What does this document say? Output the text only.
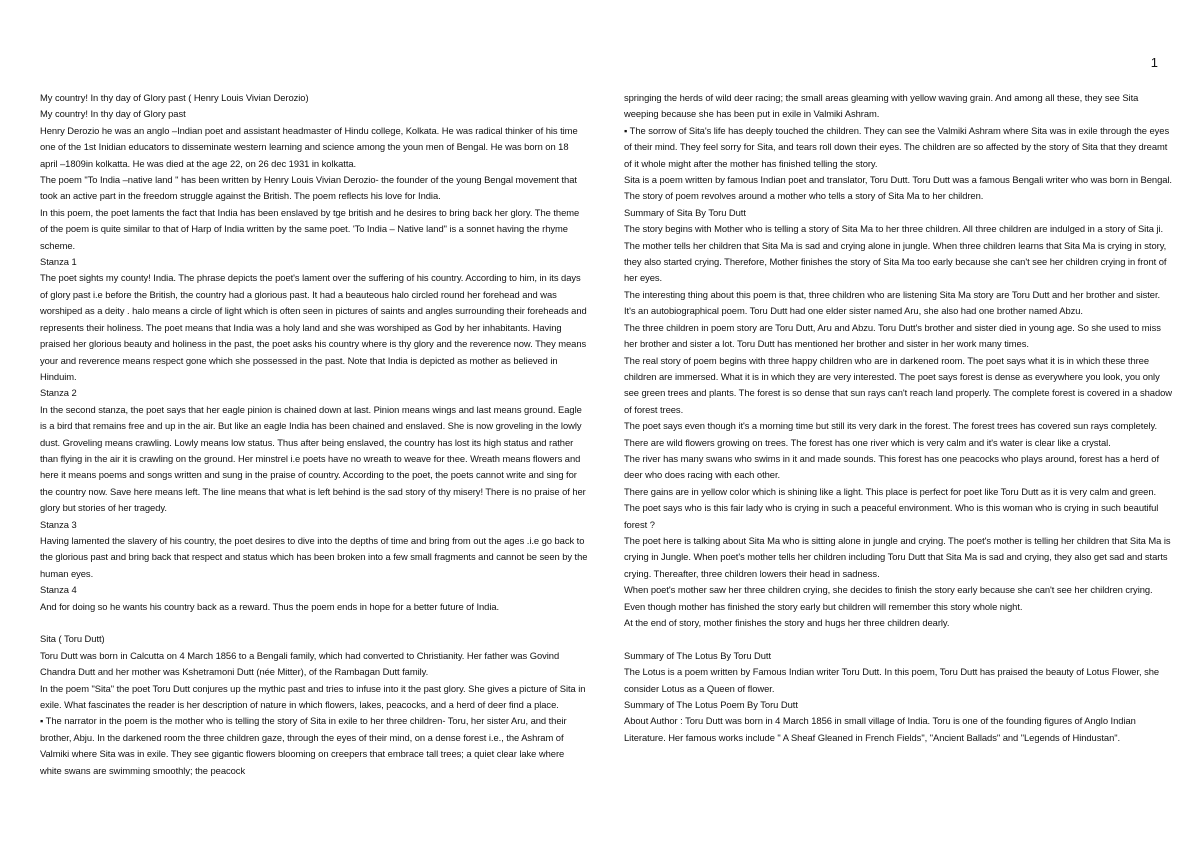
1

My country! In thy day of Glory past ( Henry Louis Vivian Derozio)

My country! In thy day of Glory past

Henry Derozio he was an anglo –Indian poet and assistant headmaster of Hindu college, Kolkata. He was radical thinker of his time one of the 1st Inidian educators to disseminate western learning and science among the youn men of Bengal. He was born on 18 april –1809in kolkatta. He was died at the age 22, on 26 dec 1931 in kolkatta.

The poem "To India –native land " has been written by Henry Louis Vivian Derozio- the founder of the young Bengal movement that took an active part in the freedom struggle against the British. The poem reflects his love for India.

In this poem, the poet laments the fact that India has been enslaved by tge british and he desires to bring back her glory. The theme of the poem is quite similar to that of Harp of India written by the same poet. 'To India – Native land" is a sonnet having the rhyme scheme.

Stanza 1

The poet sights my county! India. The phrase depicts the poet's lament over the suffering of his country. According to him, in its days of glory past i.e before the British, the country had a glorious past. It had a beauteous halo circled round her forehead and was worshiped as a deity . halo means a circle of light which is often seen in pictures of saints and angles surrounding their foreheads and represents their holiness. The poet means that India was a holy land and she was worshiped as God by her inhabitants. Having praised her glorious beauty and holiness in the past, the poet asks his country where is thy glory and the reverence now. They means your and reverence means respect gone which she possessed in the past. Note that India is depicted as mother as believed in Hinduim.

Stanza 2

In the second stanza, the poet says that her eagle pinion is chained down at last. Pinion means wings and last means ground. Eagle is a bird that remains free and up in the air. But like an eagle India has been chained and enslaved. She is now groveling in the lowly dust. Groveling means crawling. Lowly means low status. Thus after being enslaved, the country has lost its high status and rather than flying in the air it is crawling on the ground. Her minstrel i.e poets have no wreath to weave for thee. Wreath means flowers and here it means poems and songs written and sung in the praise of country. According to the poet, the poets cannot write and sing for the country now. Save here means left. The line means that what is left behind is the sad story of thy misery! There is no praise of her glory but stories of her tragedy.

Stanza 3

Having lamented the slavery of his country, the poet desires to dive into the depths of time and bring from out the ages .i.e go back to the glorious past and bring back that respect and status which has been broken into a few small fragments and cannot be seen by the human eyes.

Stanza 4

And for doing so he wants his country back as a reward. Thus the poem ends in hope for a better future of India.

Sita ( Toru Dutt)

Toru Dutt was born in Calcutta on 4 March 1856 to a Bengali family, which had converted to Christianity. Her father was Govind Chandra Dutt and her mother was Kshetramoni Dutt (née Mitter), of the Rambagan Dutt family.

In the poem "Sita" the poet Toru Dutt conjures up the mythic past and tries to infuse into it the past glory. She gives a picture of Sita in exile. What fascinates the reader is her description of nature in which flowers, lakes, peacocks, and a herd of deer find a place.

▪ The narrator in the poem is the mother who is telling the story of Sita in exile to her three children- Toru, her sister Aru, and their brother, Abju. In the darkened room the three children gaze, through the eyes of their mind, on a dense forest i.e., the Ashram of Valmiki where Sita was in exile. They see gigantic flowers blooming on creepers that embrace tall trees; a quiet clear lake where white swans are swimming smoothly; the peacock

springing the herds of wild deer racing; the small areas gleaming with yellow waving grain. And among all these, they see Sita weeping because she has been put in exile in Valmiki Ashram.

▪ The sorrow of Sita's life has deeply touched the children. They can see the Valmiki Ashram where Sita was in exile through the eyes of their mind. They feel sorry for Sita, and tears roll down their eyes. The children are so affected by the story of Sita that they dreamt of it whole might after the mother has finished telling the story.

Sita is a poem written by famous Indian poet and translator, Toru Dutt. Toru Dutt was a famous Bengali writer who was born in Bengal. The story of poem revolves around a mother who tells a story of Sita Ma to her children.

Summary of Sita By Toru Dutt

The story begins with Mother who is telling a story of Sita Ma to her three children. All three children are indulged in a story of Sita ji. The mother tells her children that Sita Ma is sad and crying alone in jungle. When three children learns that Sita Ma is crying in story, they also started crying. Therefore, Mother finishes the story of Sita Ma too early because she can't see her children crying in front of her eyes.

The interesting thing about this poem is that, three children who are listening Sita Ma story are Toru Dutt and her brother and sister. It's an autobiographical poem. Toru Dutt had one elder sister named Aru, she also had one brother named Abzu.

The three children in poem story are Toru Dutt, Aru and Abzu. Toru Dutt's brother and sister died in young age. So she used to miss her brother and sister a lot. Toru Dutt has mentioned her brother and sister in her work many times.

The real story of poem begins with three happy children who are in darkened room. The poet says what it is in which these three children are immersed. What it is in which they are very interested. The poet says forest is dense as everywhere you look, you only see green trees and plants. The forest is so dense that sun rays can't reach land properly. The complete forest is covered in a shadow of forest trees.

The poet says even though it's a morning time but still its very dark in the forest. The forest trees has covered sun rays completely. There are wild flowers growing on trees. The forest has one river which is very calm and it's water is clear like a crystal.

The river has many swans who swims in it and made sounds. This forest has one peacocks who plays around, forest has a herd of deer who does racing with each other.

There gains are in yellow color which is shining like a light. This place is perfect for poet like Toru Dutt as it is very calm and green. The poet says who is this fair lady who is crying in such a peaceful environment. Who is this woman who is crying in such beautiful forest ?

The poet here is talking about Sita Ma who is sitting alone in jungle and crying. The poet's mother is telling her children that Sita Ma is crying in Jungle. When poet's mother tells her children including Toru Dutt that Sita Ma is sad and crying, they also get sad and starts crying. Thereafter, three children lowers their head in sadness.

When poet's mother saw her three children crying, she decides to finish the story early because she can't see her children crying. Even though mother has finished the story early but children will remember this story whole night.

At the end of story, mother finishes the story and hugs her three children dearly.

Summary of The Lotus By Toru Dutt

The Lotus is a poem written by Famous Indian writer Toru Dutt. In this poem, Toru Dutt has praised the beauty of Lotus Flower, she consider Lotus as a Queen of flower.

Summary of The Lotus Poem By Toru Dutt

About Author : Toru Dutt was born in 4 March 1856 in small village of India. Toru is one of the founding figures of Anglo Indian Literature. Her famous works include " A Sheaf Gleaned in French Fields", "Ancient Ballads" and "Legends of Hindustan".
